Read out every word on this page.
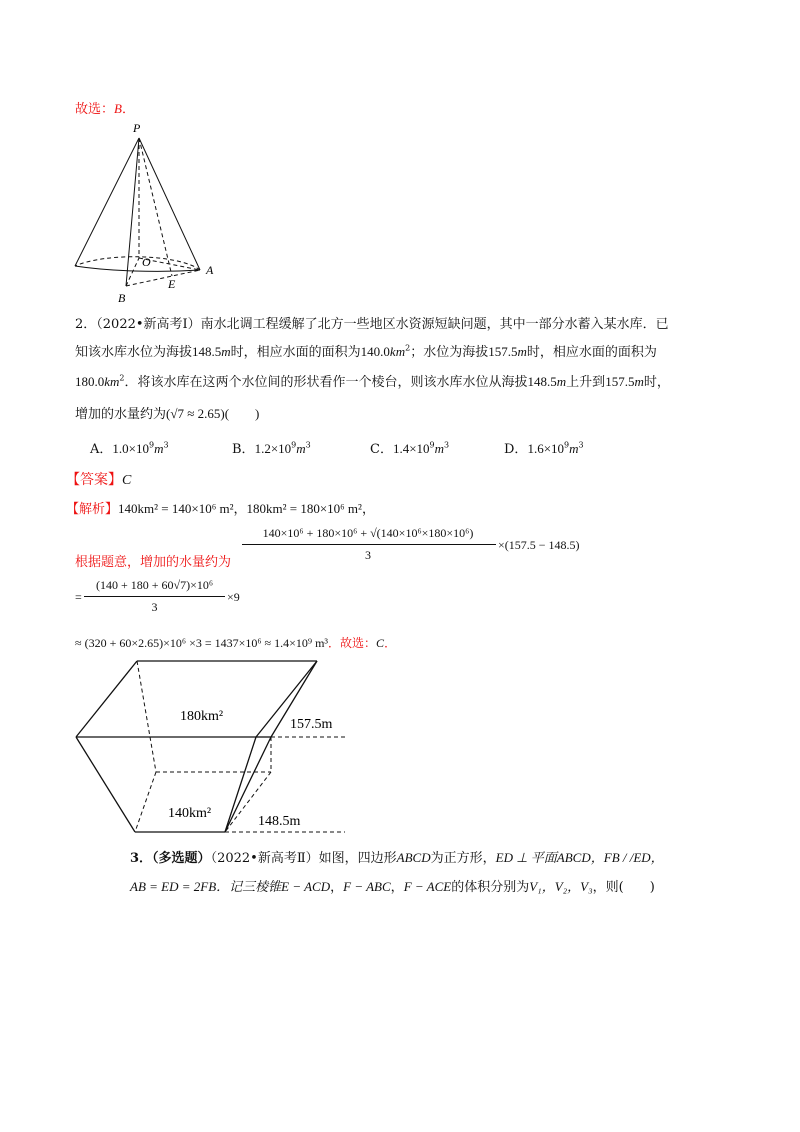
故选：B．
P
O
A
B
E
2．（2022•新高考Ⅰ）南水北调工程缓解了北方一些地区水资源短缺问题，其中一部分水蓄入某水库．已
知该水库水位为海拔148.5m时，相应水面的面积为$140.0km^2$；水位为海拔157.5m时，相应水面的面积为
$180.0km^2$．将该水库在这两个水位间的形状看作一个棱台，则该水库水位从海拔148.5m上升到157.5m时，
增加的水量约为(√7 ≈ 2.65)(　　)
A．$1.0\times 10^9m^3$	B．$1.2\times 10^9m^3$	C．$1.4\times 10^9m^3$	D．$1.6\times 10^9m^3$
【答案】C
【解析】140km² = 140×10⁶ m²，180km² = 180×10⁶ m²，
根据题意，增加的水量约为
140×10⁶ + 180×10⁶ + √(140×10⁶×180×10⁶)
3
×(157.5 − 148.5)
=
(140 + 180 + 60√7)×10⁶
3
×9
≈ (320 + 60×2.65)×10⁶ ×3 = 1437×10⁶ ≈ 1.4×10⁹ m³．故选：C．
180km²
140km²
157.5m
148.5m
3．（多选题）（2022•新高考Ⅱ）如图，四边形ABCD为正方形，ED ⊥ 平面ABCD，FB / /ED，
AB = ED = 2FB．记三棱锥E − ACD，F − ABC，F − ACE的体积分别为V₁，V₂，V₃，则(　　)
